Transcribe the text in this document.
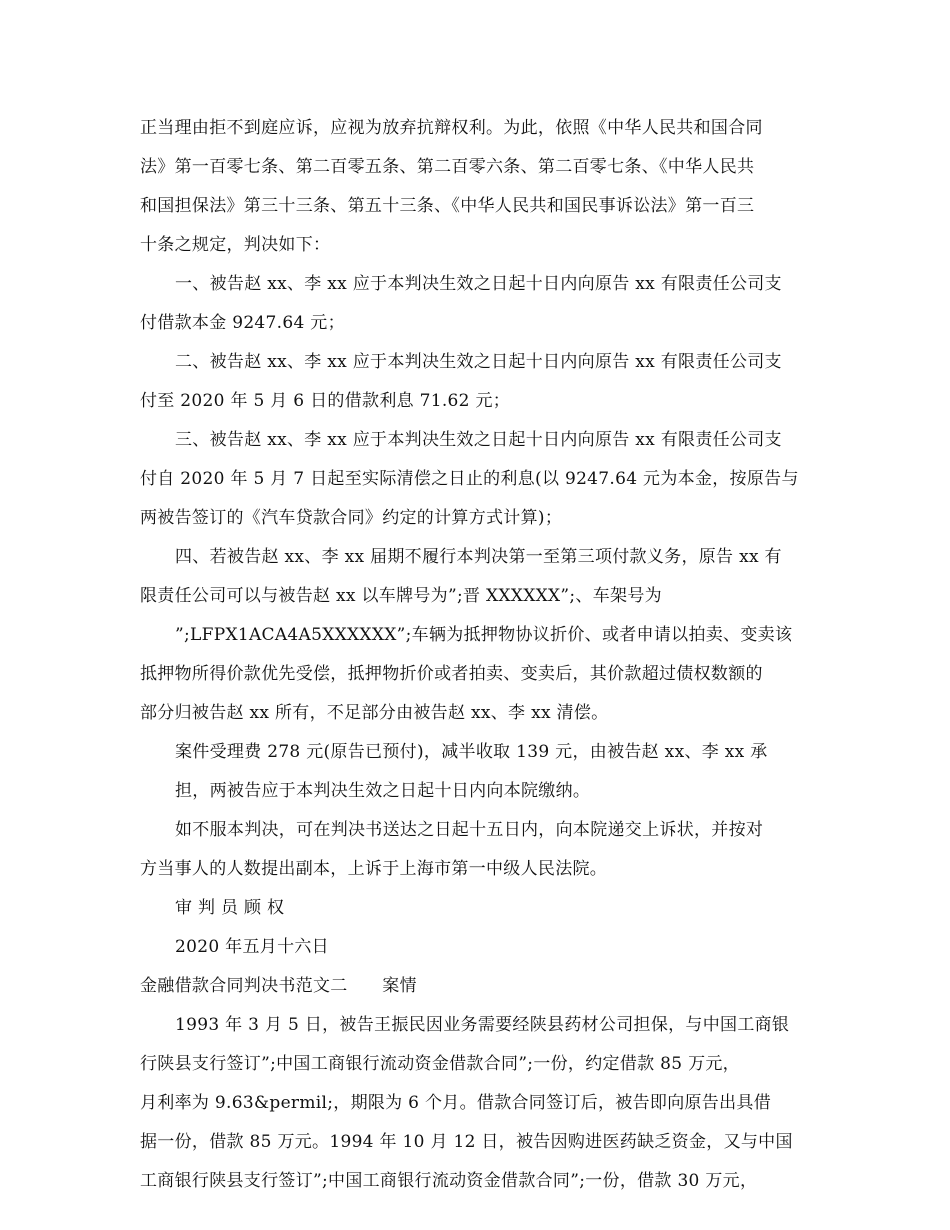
正当理由拒不到庭应诉，应视为放弃抗辩权利。为此，依照《中华人民共和国合同
法》第一百零七条、第二百零五条、第二百零六条、第二百零七条、《中华人民共
和国担保法》第三十三条、第五十三条、《中华人民共和国民事诉讼法》第一百三
十条之规定，判决如下：
一、被告赵 xx、李 xx 应于本判决生效之日起十日内向原告 xx 有限责任公司支
付借款本金 9247.64 元；
二、被告赵 xx、李 xx 应于本判决生效之日起十日内向原告 xx 有限责任公司支
付至 2020 年 5 月 6 日的借款利息 71.62 元；
三、被告赵 xx、李 xx 应于本判决生效之日起十日内向原告 xx 有限责任公司支
付自 2020 年 5 月 7 日起至实际清偿之日止的利息(以 9247.64 元为本金，按原告与
两被告签订的《汽车贷款合同》约定的计算方式计算)；
四、若被告赵 xx、李 xx 届期不履行本判决第一至第三项付款义务，原告 xx 有
限责任公司可以与被告赵 xx 以车牌号为”;晋 XXXXXX”;、车架号为
”;LFPX1ACA4A5XXXXXX”;车辆为抵押物协议折价、或者申请以拍卖、变卖该
抵押物所得价款优先受偿，抵押物折价或者拍卖、变卖后，其价款超过债权数额的
部分归被告赵 xx 所有，不足部分由被告赵 xx、李 xx 清偿。
案件受理费 278 元(原告已预付)，减半收取 139 元，由被告赵 xx、李 xx 承
担，两被告应于本判决生效之日起十日内向本院缴纳。
如不服本判决，可在判决书送达之日起十五日内，向本院递交上诉状，并按对
方当事人的人数提出副本，上诉于上海市第一中级人民法院。
审 判 员 顾 权
2020 年五月十六日
金融借款合同判决书范文二　　案情
1993 年 3 月 5 日，被告王振民因业务需要经陕县药材公司担保，与中国工商银
行陕县支行签订”;中国工商银行流动资金借款合同”;一份，约定借款 85 万元，
月利率为 9.63&permil;，期限为 6 个月。借款合同签订后，被告即向原告出具借
据一份，借款 85 万元。1994 年 10 月 12 日，被告因购进医药缺乏资金，又与中国
工商银行陕县支行签订”;中国工商银行流动资金借款合同”;一份，借款 30 万元，
